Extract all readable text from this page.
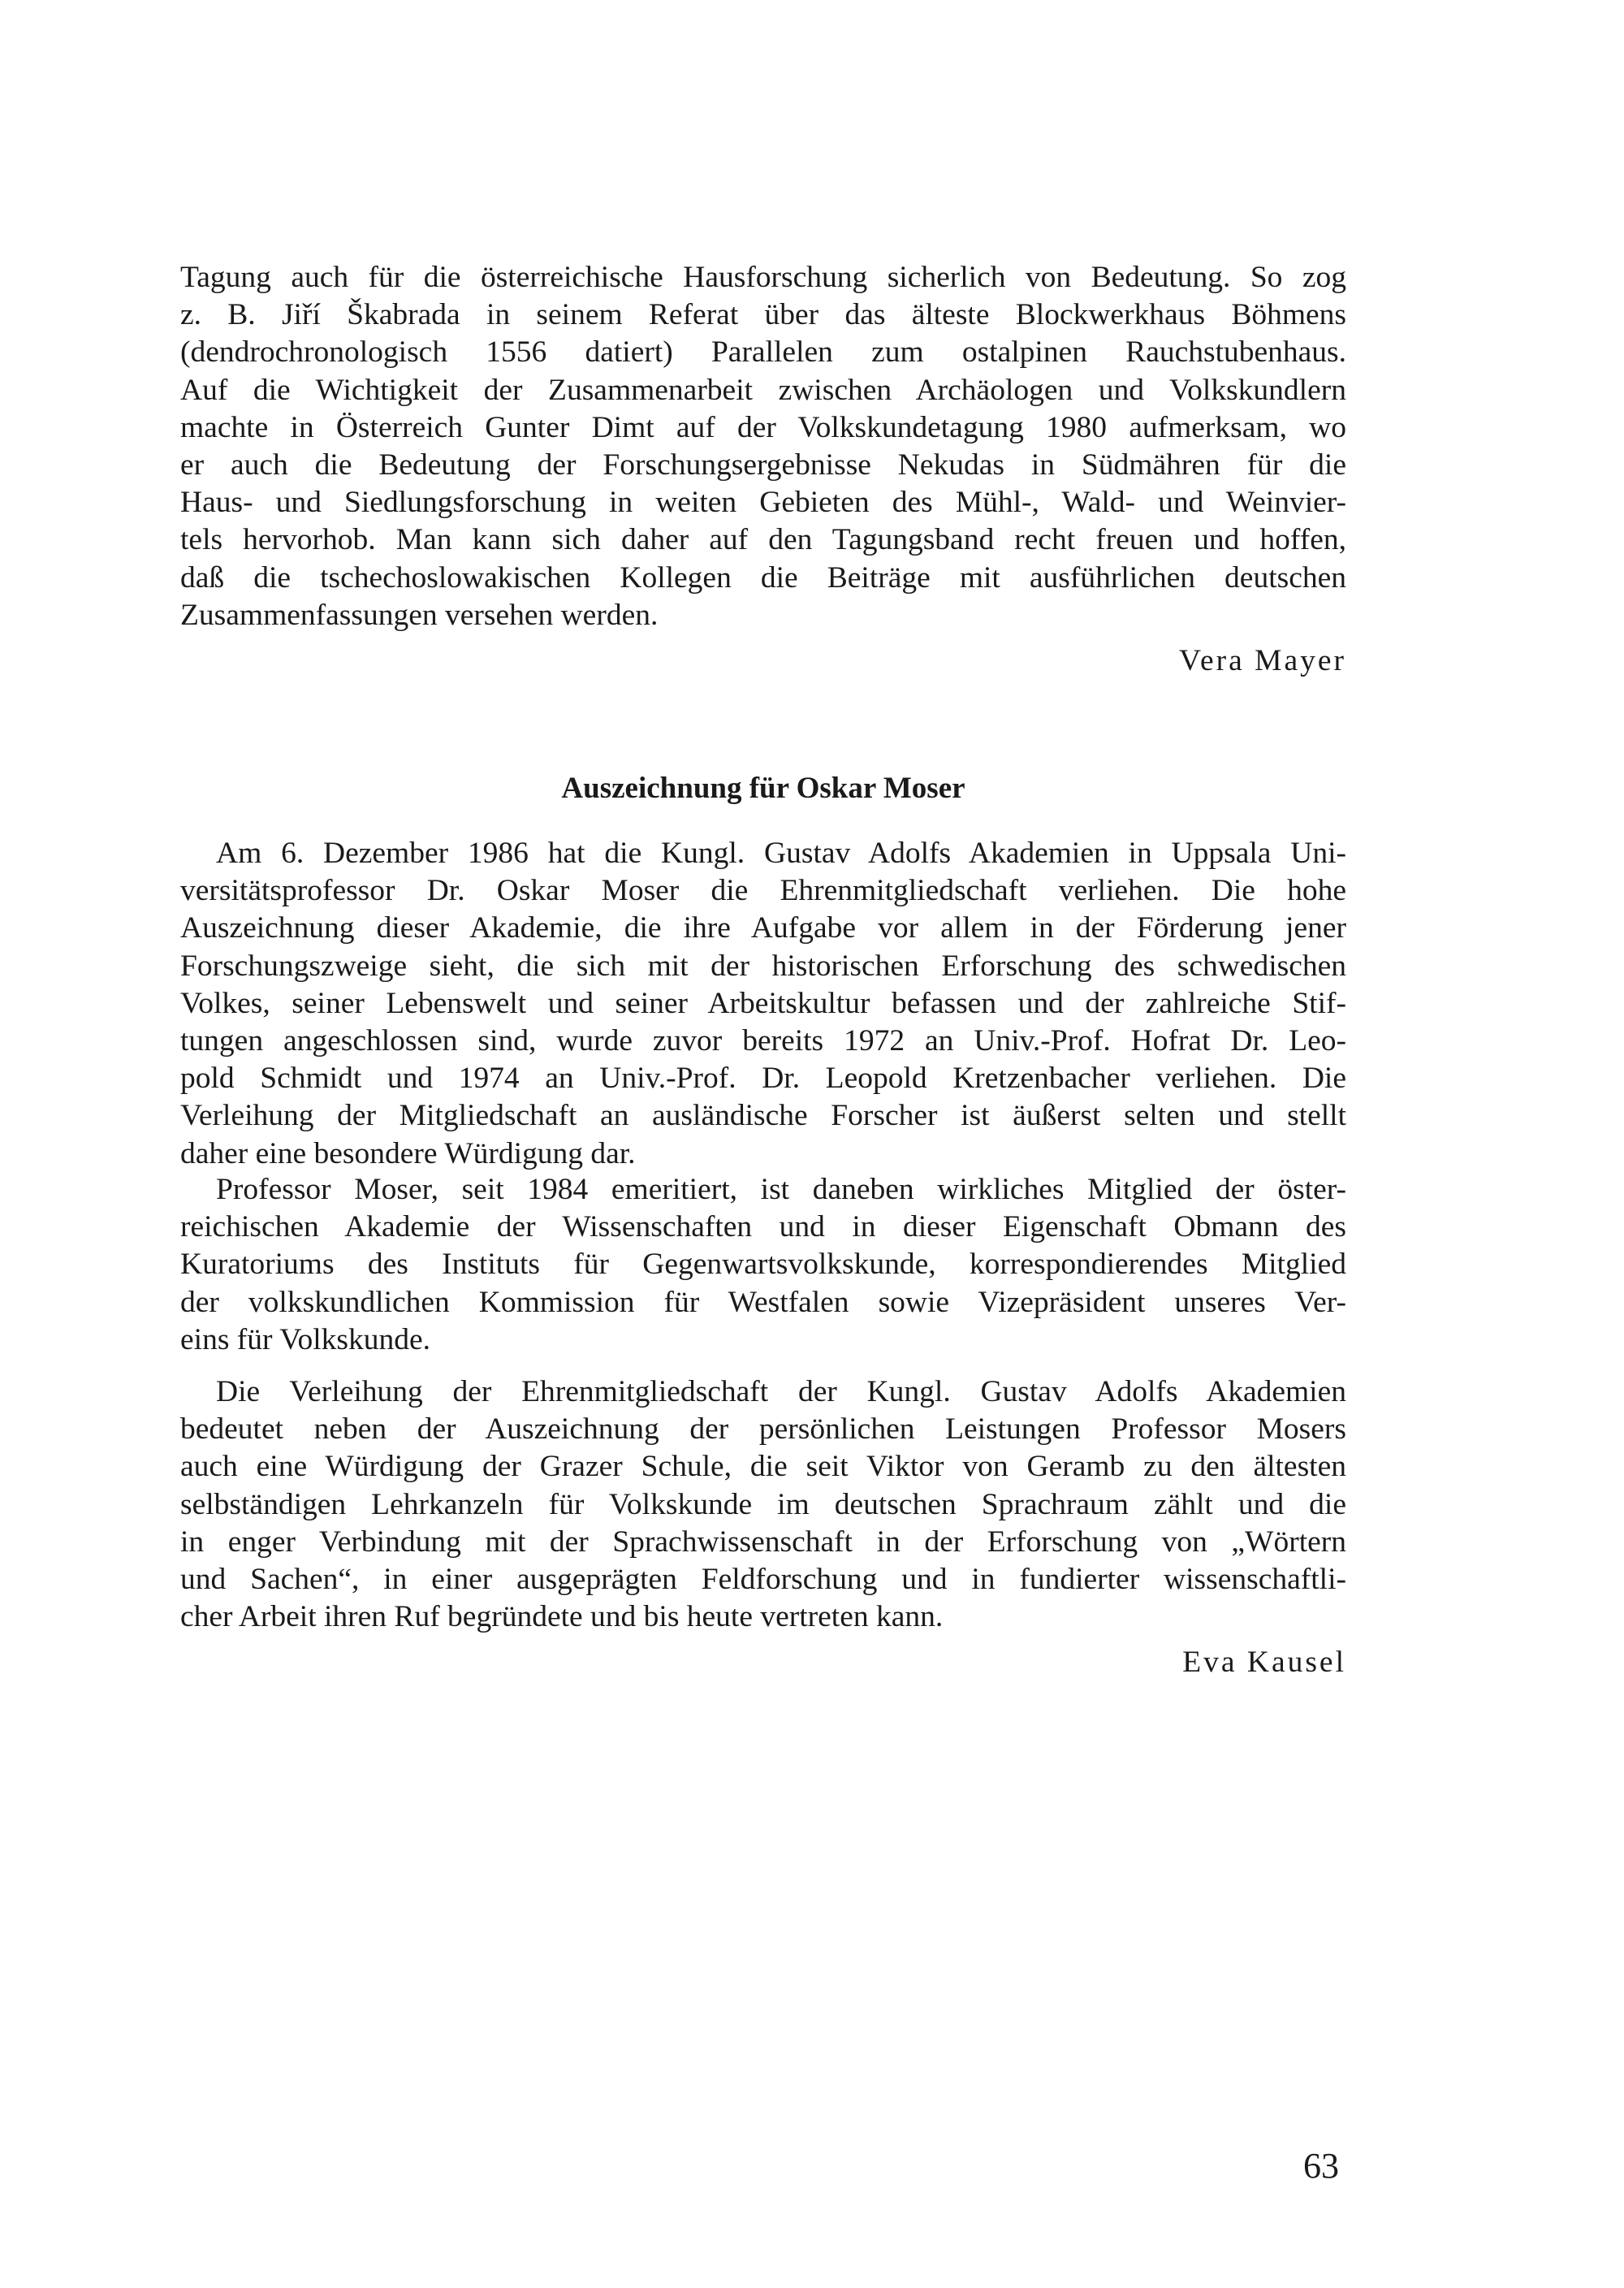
Tagung auch für die österreichische Hausforschung sicherlich von Bedeutung. So zog
z. B. Jiří Škabrada in seinem Referat über das älteste Blockwerkhaus Böhmens
(dendrochronologisch 1556 datiert) Parallelen zum ostalpinen Rauchstubenhaus.
Auf die Wichtigkeit der Zusammenarbeit zwischen Archäologen und Volkskundlern
machte in Österreich Gunter Dimt auf der Volkskundetagung 1980 aufmerksam, wo
er auch die Bedeutung der Forschungsergebnisse Nekudas in Südmähren für die
Haus- und Siedlungsforschung in weiten Gebieten des Mühl-, Wald- und Weinvier-
tels hervorhob. Man kann sich daher auf den Tagungsband recht freuen und hoffen,
daß die tschechoslowakischen Kollegen die Beiträge mit ausführlichen deutschen
Zusammenfassungen versehen werden.
Vera Mayer
Auszeichnung für Oskar Moser
Am 6. Dezember 1986 hat die Kungl. Gustav Adolfs Akademien in Uppsala Uni-
versitätsprofessor Dr. Oskar Moser die Ehrenmitgliedschaft verliehen. Die hohe
Auszeichnung dieser Akademie, die ihre Aufgabe vor allem in der Förderung jener
Forschungszweige sieht, die sich mit der historischen Erforschung des schwedischen
Volkes, seiner Lebenswelt und seiner Arbeitskultur befassen und der zahlreiche Stif-
tungen angeschlossen sind, wurde zuvor bereits 1972 an Univ.-Prof. Hofrat Dr. Leo-
pold Schmidt und 1974 an Univ.-Prof. Dr. Leopold Kretzenbacher verliehen. Die
Verleihung der Mitgliedschaft an ausländische Forscher ist äußerst selten und stellt
daher eine besondere Würdigung dar.
Professor Moser, seit 1984 emeritiert, ist daneben wirkliches Mitglied der öster-
reichischen Akademie der Wissenschaften und in dieser Eigenschaft Obmann des
Kuratoriums des Instituts für Gegenwartsvolkskunde, korrespondierendes Mitglied
der volkskundlichen Kommission für Westfalen sowie Vizepräsident unseres Ver-
eins für Volkskunde.
Die Verleihung der Ehrenmitgliedschaft der Kungl. Gustav Adolfs Akademien
bedeutet neben der Auszeichnung der persönlichen Leistungen Professor Mosers
auch eine Würdigung der Grazer Schule, die seit Viktor von Geramb zu den ältesten
selbständigen Lehrkanzeln für Volkskunde im deutschen Sprachraum zählt und die
in enger Verbindung mit der Sprachwissenschaft in der Erforschung von „Wörtern
und Sachen“, in einer ausgeprägten Feldforschung und in fundierter wissenschaftli-
cher Arbeit ihren Ruf begründete und bis heute vertreten kann.
Eva Kausel
63
